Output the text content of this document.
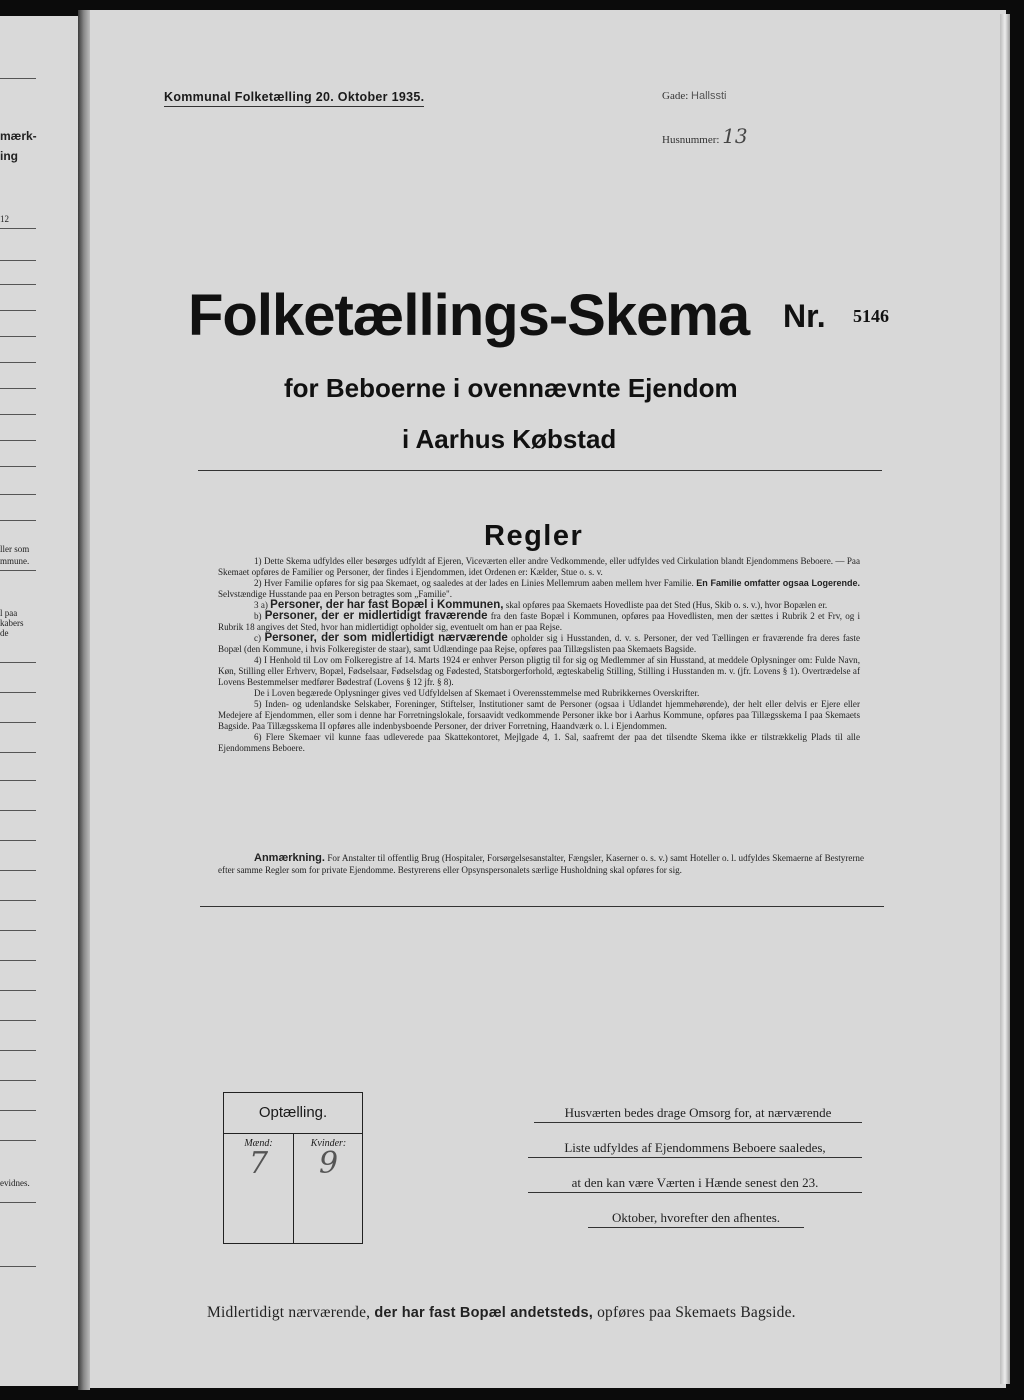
mærk-
ing
12
ller som
mmune.
l paa
kabers
de
evidnes.
Kommunal Folketælling 20. Oktober 1935.	Gade: Hallssti
Husnummer: 13
Folketællings-Skema Nr. 5146
for Beboerne i ovennævnte Ejendom
i Aarhus Købstad
Regler

1) Dette Skema udfyldes eller besørges udfyldt af Ejeren, Viceværten eller andre Vedkommende, eller udfyldes ved Cirkulation blandt Ejendommens Beboere. — Paa Skemaet opføres de Familier og Personer, der findes i Ejendommen, idet Ordenen er: Kælder, Stue o. s. v.

2) Hver Familie opføres for sig paa Skemaet, og saaledes at der lades en Linies Mellemrum aaben mellem hver Familie. En Familie omfatter ogsaa Logerende. Selvstændige Husstande paa en Person betragtes som „Familie".

3 a) Personer, der har fast Bopæl i Kommunen, skal opføres paa Skemaets Hovedliste paa det Sted (Hus, Skib o. s. v.), hvor Bopælen er.

b) Personer, der er midlertidigt fraværende fra den faste Bopæl i Kommunen, opføres paa Hovedlisten, men der sættes i Rubrik 2 et Frv, og i Rubrik 18 angives det Sted, hvor han midlertidigt opholder sig, eventuelt om han er paa Rejse.

c) Personer, der som midlertidigt nærværende opholder sig i Husstanden, d. v. s. Personer, der ved Tællingen er fraværende fra deres faste Bopæl (den Kommune, i hvis Folkeregister de staar), samt Udlændinge paa Rejse, opføres paa Tillægslisten paa Skemaets Bagside.

4) I Henhold til Lov om Folkeregistre af 14. Marts 1924 er enhver Person pligtig til for sig og Medlemmer af sin Husstand, at meddele Oplysninger om: Fulde Navn, Køn, Stilling eller Erhverv, Bopæl, Fødselsaar, Fødselsdag og Fødested, Statsborgerforhold, ægteskabelig Stilling, Stilling i Husstanden m. v. (jfr. Lovens § 1). Overtrædelse af Lovens Bestemmelser medfører Bødestraf (Lovens § 12 jfr. § 8).

De i Loven begærede Oplysninger gives ved Udfyldelsen af Skemaet i Overensstemmelse med Rubrikkernes Overskrifter.

5) Inden- og udenlandske Selskaber, Foreninger, Stiftelser, Institutioner samt de Personer (ogsaa i Udlandet hjemmehørende), der helt eller delvis er Ejere eller Medejere af Ejendommen, eller som i denne har Forretningslokale, forsaavidt vedkommende Personer ikke bor i Aarhus Kommune, opføres paa Tillægsskema I paa Skemaets Bagside. Paa Tillægsskema II opføres alle indenbysboende Personer, der driver Forretning, Haandværk o. l. i Ejendommen.

6) Flere Skemaer vil kunne faas udleverede paa Skattekontoret, Mejlgade 4, 1. Sal, saafremt der paa det tilsendte Skema ikke er tilstrækkelig Plads til alle Ejendommens Beboere.

Anmærkning. For Anstalter til offentlig Brug (Hospitaler, Forsørgelsesanstalter, Fængsler, Kaserner o. s. v.) samt Hoteller o. l. udfyldes Skemaerne af Bestyrerne efter samme Regler som for private Ejendomme. Bestyrerens eller Opsynspersonalets særlige Husholdning skal opføres for sig.

Optælling.
Mænd:
7
Kvinder:
9
Husværten bedes drage Omsorg for, at nærværende
Liste udfyldes af Ejendommens Beboere saaledes,
at den kan være Værten i Hænde senest den 23.
Oktober, hvorefter den afhentes.
Midlertidigt nærværende, der har fast Bopæl andetsteds, opføres paa Skemaets Bagside.
